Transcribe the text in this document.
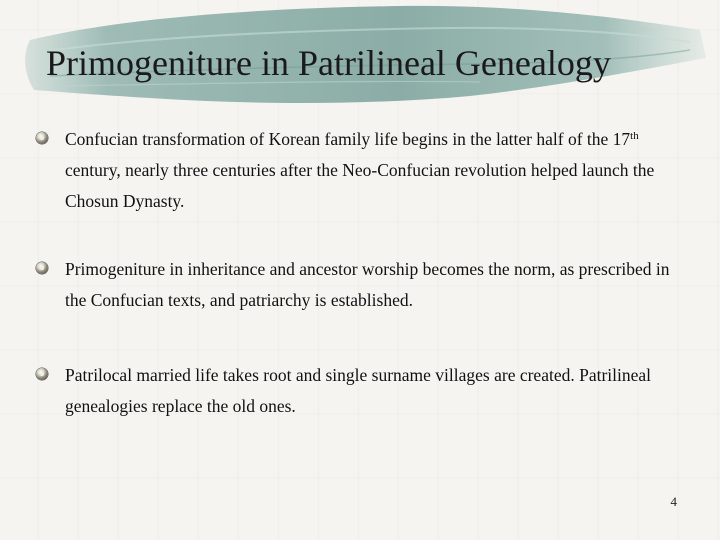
Primogeniture in Patrilineal Genealogy
Confucian transformation of Korean family life begins in the latter half of the 17th century, nearly three centuries after the Neo-Confucian revolution helped launch the Chosun Dynasty.
Primogeniture in inheritance and ancestor worship becomes the norm, as prescribed in the Confucian texts, and patriarchy is established.
Patrilocal married life takes root and single surname villages are created. Patrilineal genealogies replace the old ones.
4
